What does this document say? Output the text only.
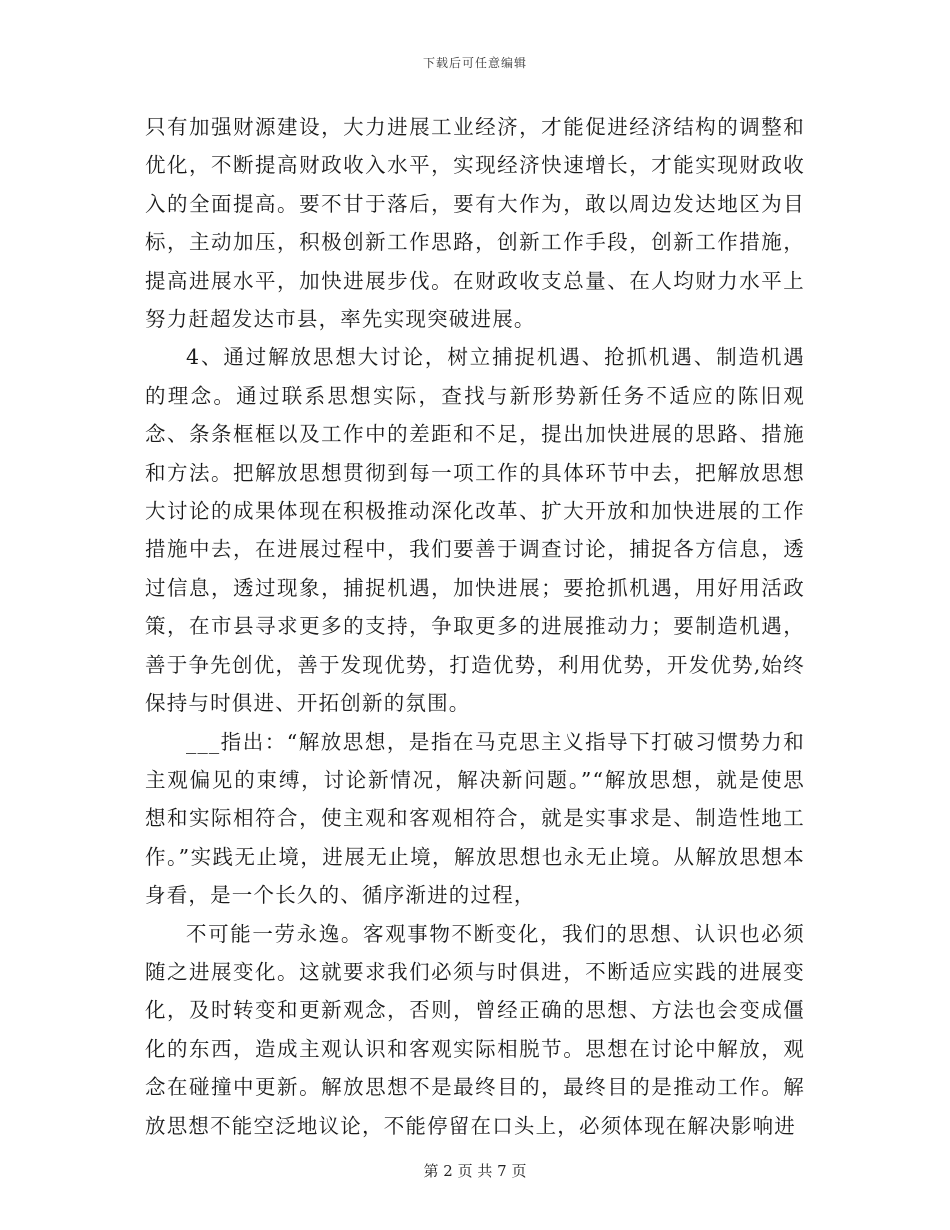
下载后可任意编辑

只有加强财源建设，大力进展工业经济，才能促进经济结构的调整和优化，不断提高财政收入水平，实现经济快速增长，才能实现财政收入的全面提高。要不甘于落后，要有大作为，敢以周边发达地区为目标，主动加压，积极创新工作思路，创新工作手段，创新工作措施，提高进展水平，加快进展步伐。在财政收支总量、在人均财力水平上努力赶超发达市县，率先实现突破进展。

4、通过解放思想大讨论，树立捕捉机遇、抢抓机遇、制造机遇的理念。通过联系思想实际，查找与新形势新任务不适应的陈旧观念、条条框框以及工作中的差距和不足，提出加快进展的思路、措施和方法。把解放思想贯彻到每一项工作的具体环节中去，把解放思想大讨论的成果体现在积极推动深化改革、扩大开放和加快进展的工作措施中去，在进展过程中，我们要善于调查讨论，捕捉各方信息，透过信息，透过现象，捕捉机遇，加快进展；要抢抓机遇，用好用活政策，在市县寻求更多的支持，争取更多的进展推动力；要制造机遇，善于争先创优，善于发现优势，打造优势，利用优势，开发优势,始终保持与时俱进、开拓创新的氛围。

___指出：“解放思想，是指在马克思主义指导下打破习惯势力和主观偏见的束缚，讨论新情况，解决新问题。”“解放思想，就是使思想和实际相符合，使主观和客观相符合，就是实事求是、制造性地工作。”实践无止境，进展无止境，解放思想也永无止境。从解放思想本身看，是一个长久的、循序渐进的过程，

不可能一劳永逸。客观事物不断变化，我们的思想、认识也必须随之进展变化。这就要求我们必须与时俱进，不断适应实践的进展变化，及时转变和更新观念，否则，曾经正确的思想、方法也会变成僵化的东西，造成主观认识和客观实际相脱节。思想在讨论中解放，观念在碰撞中更新。解放思想不是最终目的，最终目的是推动工作。解放思想不能空泛地议论，不能停留在口头上，必须体现在解决影响进

第 2 页 共 7 页
